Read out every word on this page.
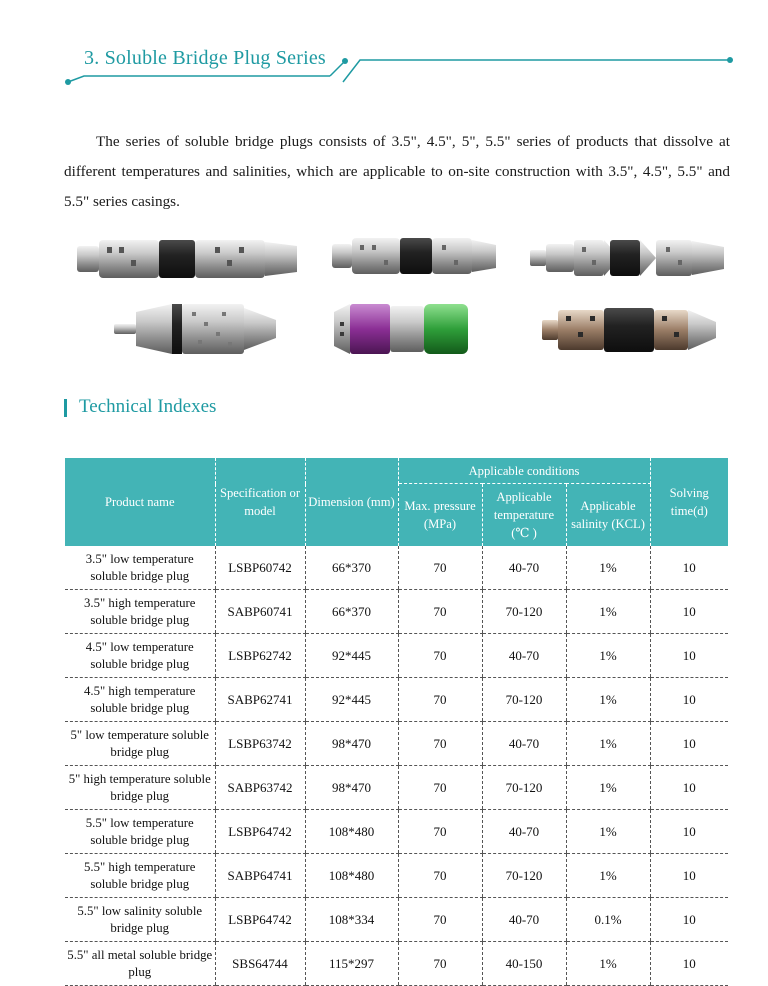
3. Soluble Bridge Plug Series

The series of soluble bridge plugs consists of 3.5", 4.5", 5", 5.5" series of products that dissolve at different temperatures and salinities, which are applicable to on-site construction with 3.5", 4.5", 5.5" and 5.5" series casings.

Technical Indexes
Product name	Specification or model	Dimension (mm)	Applicable conditions			Solving time(d)
			Max. pressure (MPa)	Applicable temperature (℃ )	Applicable salinity (KCL)	
3.5" low temperature soluble bridge plug	LSBP60742	66*370	70	40-70	1%	10
3.5" high temperature soluble bridge plug	SABP60741	66*370	70	70-120	1%	10
4.5" low temperature soluble bridge plug	LSBP62742	92*445	70	40-70	1%	10
4.5" high temperature soluble bridge plug	SABP62741	92*445	70	70-120	1%	10
5" low temperature soluble bridge plug	LSBP63742	98*470	70	40-70	1%	10
5" high temperature soluble bridge plug	SABP63742	98*470	70	70-120	1%	10
5.5" low temperature soluble bridge plug	LSBP64742	108*480	70	40-70	1%	10
5.5" high temperature soluble bridge plug	SABP64741	108*480	70	70-120	1%	10
5.5" low salinity soluble bridge plug	LSBP64742	108*334	70	40-70	0.1%	10
5.5" all metal soluble bridge plug	SBS64744	115*297	70	40-150	1%	10
